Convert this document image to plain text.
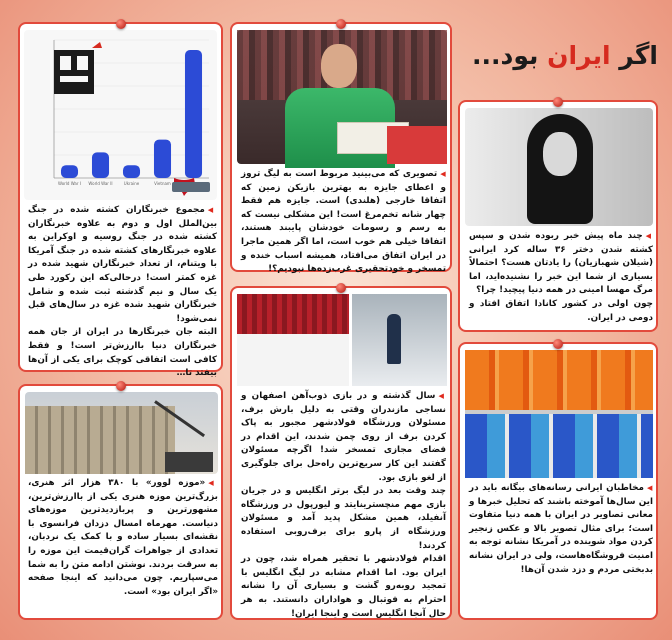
اگر ایران بود...
World War I World War II	Ukraine	Vietnam

◀مجموع خبرنگاران کشته شده در جنگ بین‌الملل اول و دوم به علاوه خبرنگاران کشته شده در جنگ روسیه و اوکراین به علاوه خبرنگارهای کشته شده در جنگ آمریکا با ویتنام، از تعداد خبرنگاران شهید شده در غزه کمتر است! درحالی‌که این رکورد طی یک سال و نیم گذشته ثبت شده و شامل خبرنگاران شهید شده غزه در سال‌های قبل نمی‌شود!

البته جان خبرنگارها در ایران از جان همه خبرنگاران دنیا باارزش‌تر است! و فقط کافی است اتفاقی کوچک برای یکی از آن‌ها بیفتد تا…

◀تصویری که می‌بینید مربوط است به لیگ تروز و اعطای جایزه به بهترین بازیکن زمین که اتفاقا خارجی (هلندی) است. جایزه هم فقط چهار شانه تخم‌مرغ است! این مشکلی نیست که به رسم و رسومات خودشان پایبند هستند، اتفاقا خیلی هم خوب است، اما اگر همین ماجرا در ایران اتفاق می‌افتاد، همیشه اسباب خنده و تمسخر و خودتحقیری غرب‌زده‌ها نبودیم؟!

◀چند ماه پیش خبر ربوده شدن و سپس کشته شدن دختر ۳۶ ساله کرد ایرانی (شیلان شهبازیان) را یادتان هست؟ احتمالاً بسیاری از شما این خبر را نشنیده‌اید، اما مرگ مهسا امینی در همه دنیا پیچید! چرا؟

چون اولی در کشور کانادا اتفاق افتاد و دومی در ایران.

◀سال گذشته و در بازی ذوب‌آهن اصفهان و نساجی مازندران وقتی به دلیل بارش برف، مسئولان ورزشگاه فولادشهر مجبور به پاک کردن برف از روی چمن شدند، این اقدام در فضای مجازی تمسخر شد! اگرچه مسئولان گفتند این کار سریع‌ترین راه‌حل برای جلوگیری از لغو بازی بود.

چند وقت بعد در لیگ برتر انگلیس و در جریان بازی مهم منچسترینایتد و لیورپول در ورزشگاه آنفیلد، همین مشکل پدید آمد و مسئولان ورزشگاه از پارو برای برف‌روبی استفاده کردند!

اقدام فولادشهر با تحقیر همراه شد، چون در ایران بود. اما اقدام مشابه در لیگ انگلیس با تمجید روبه‌رو گشت و بسیاری آن را نشانه احترام به فوتبال و هواداران دانستند. به هر حال آنجا انگلیس است و اینجا ایران!

◀«موزه لوور» با ۳۸۰ هزار اثر هنری، بزرگ‌ترین موزه هنری یکی از باارزش‌ترین، مشهورترین و پربازدیدترین موزه‌های دنیاست. مهرماه امسال دزدان فرانسوی با نقشه‌ای بسیار ساده و با کمک یک نردبان، تعدادی از جواهرات گران‌قیمت این موزه را به سرقت بردند. نوشتن ادامه متن را به شما می‌سپاریم. چون می‌دانید که اینجا صفحه «اگر ایران بود» است.

◀مخاطبان ایرانی رسانه‌های بیگانه باید در این سال‌ها آموخته باشند که تحلیل خبرها و معانی تصاویر در ایران با همه دنیا متفاوت است؛ برای مثال تصویر بالا و عکس زنجیر کردن مواد شوینده در آمریکا نشانه توجه به امنیت فروشگاه‌هاست، ولی در ایران نشانه بدبختی مردم و دزد شدن آن‌ها!
